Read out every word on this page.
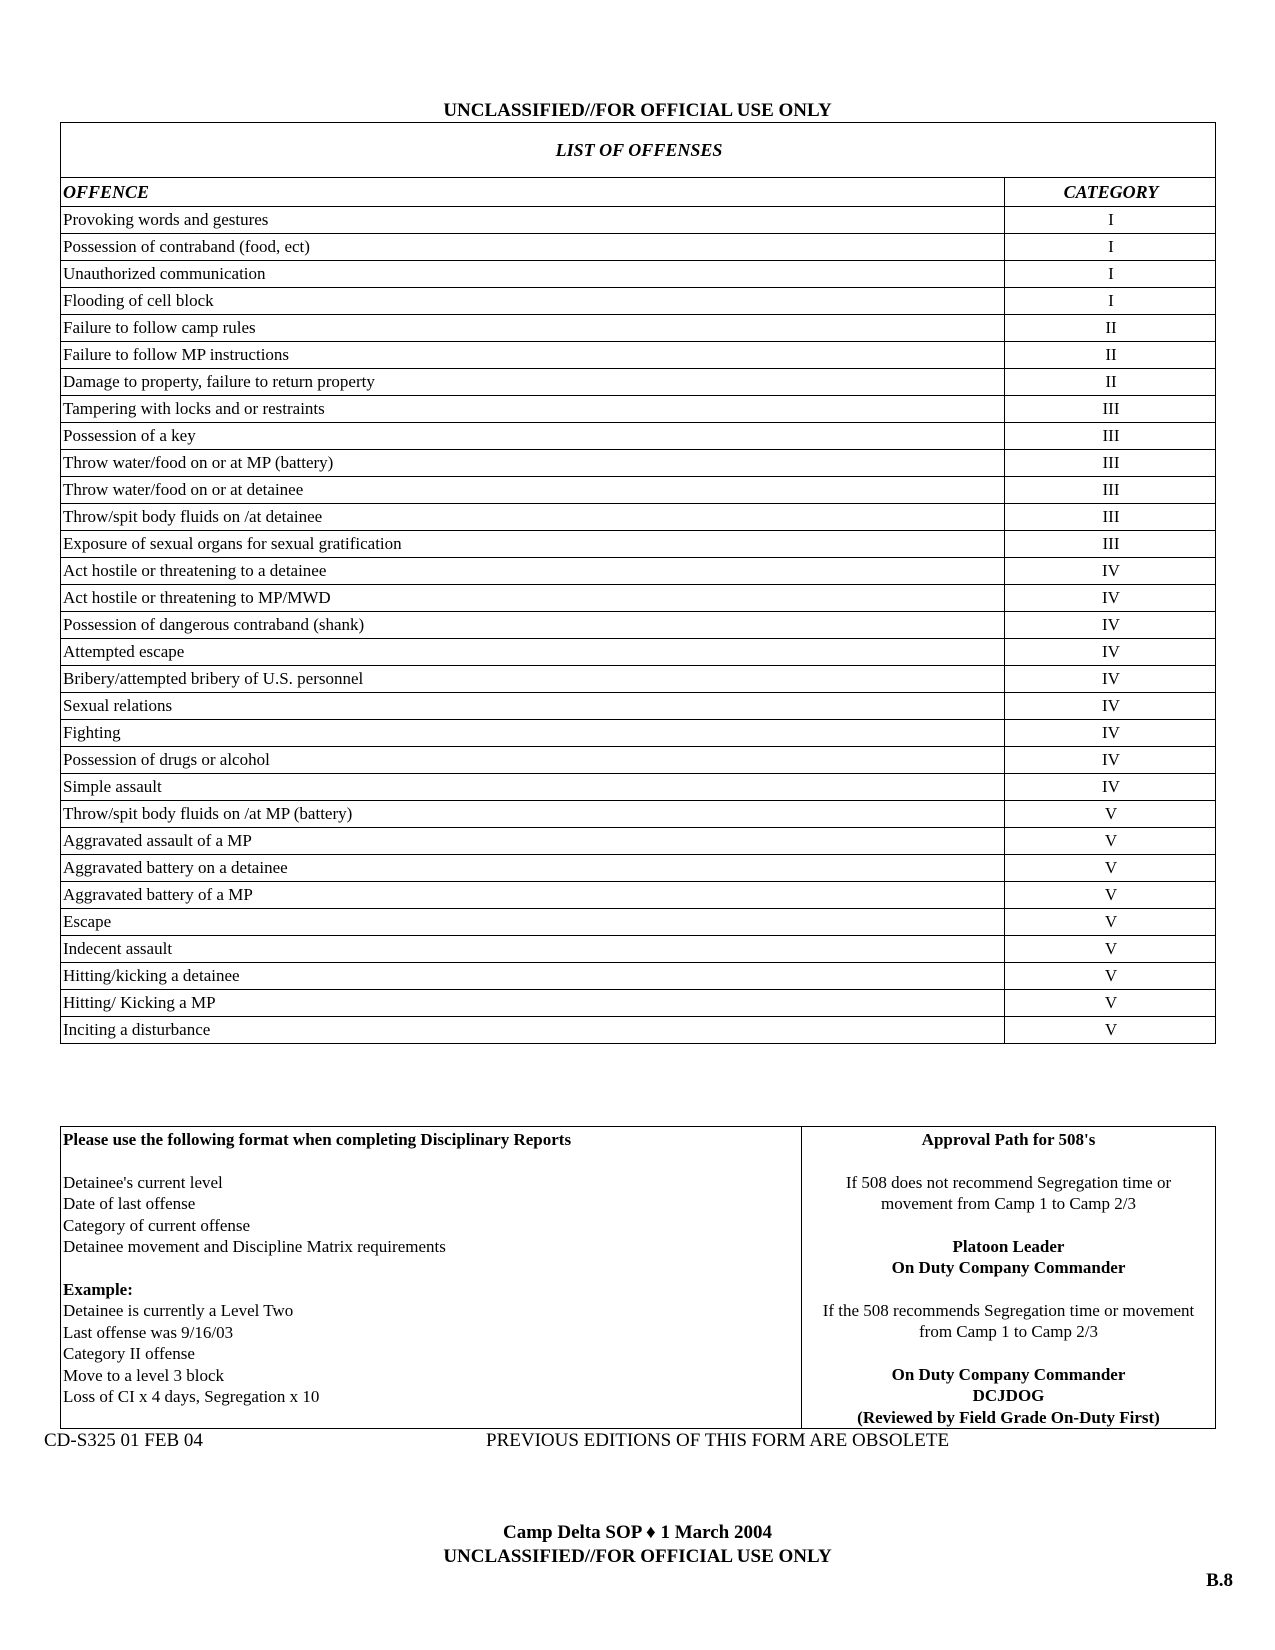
UNCLASSIFIED//FOR OFFICIAL USE ONLY
LIST OF OFFENSES	
OFFENCE	CATEGORY
Provoking words and gestures	I
Possession of contraband (food, ect)	I
Unauthorized communication	I
Flooding of cell block	I
Failure to follow camp rules	II
Failure to follow MP instructions	II
Damage to property, failure to return property	II
Tampering with locks and or restraints	III
Possession of a key	III
Throw water/food on or at MP (battery)	III
Throw water/food on or at detainee	III
Throw/spit body fluids on /at detainee	III
Exposure of sexual organs for sexual gratification	III
Act hostile or threatening to a detainee	IV
Act hostile or threatening to MP/MWD	IV
Possession of dangerous contraband (shank)	IV
Attempted escape	IV
Bribery/attempted bribery of U.S. personnel	IV
Sexual relations	IV
Fighting	IV
Possession of drugs or alcohol	IV
Simple assault	IV
Throw/spit body fluids on /at MP (battery)	V
Aggravated assault of a MP	V
Aggravated battery on a detainee	V
Aggravated battery of a MP	V
Escape	V
Indecent assault	V
Hitting/kicking a detainee	V
Hitting/ Kicking a MP	V
Inciting a disturbance	V
Please use the following format when completing Disciplinary Reports
Detainee's current level
Date of last offense
Category of current offense
Detainee movement and Discipline Matrix requirements
Example:
Detainee is currently a Level Two
Last offense was 9/16/03
Category II offense
Move to a level 3 block
Loss of CI x 4 days, Segregation x 10

Approval Path for 508's
If 508 does not recommend Segregation time or
movement from Camp 1 to Camp 2/3
Platoon Leader
On Duty Company Commander
If the 508 recommends Segregation time or movement
from Camp 1 to Camp 2/3
On Duty Company Commander
DCJDOG
(Reviewed by Field Grade On-Duty First)
CD-S325 01 FEB 04	PREVIOUS EDITIONS OF THIS FORM ARE OBSOLETE
Camp Delta SOP ♦ 1 March 2004
UNCLASSIFIED//FOR OFFICIAL USE ONLY
B.8
